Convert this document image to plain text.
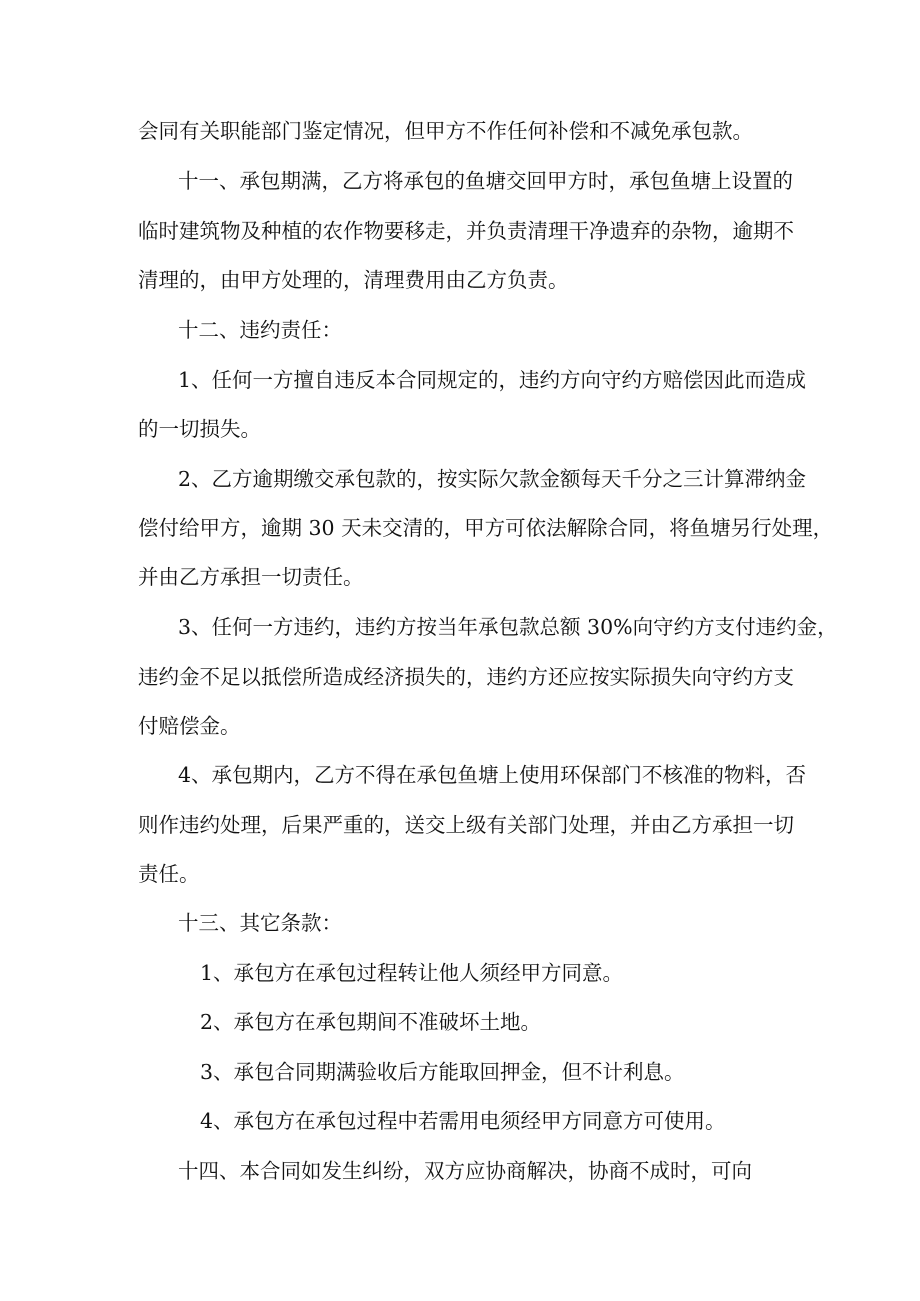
会同有关职能部门鉴定情况，但甲方不作任何补偿和不减免承包款。
十一、承包期满，乙方将承包的鱼塘交回甲方时，承包鱼塘上设置的
临时建筑物及种植的农作物要移走，并负责清理干净遗弃的杂物，逾期不
清理的，由甲方处理的，清理费用由乙方负责。
十二、违约责任：
1、任何一方擅自违反本合同规定的，违约方向守约方赔偿因此而造成
的一切损失。
2、乙方逾期缴交承包款的，按实际欠款金额每天千分之三计算滞纳金
偿付给甲方，逾期 30 天未交清的，甲方可依法解除合同，将鱼塘另行处理，
并由乙方承担一切责任。
3、任何一方违约，违约方按当年承包款总额 30%向守约方支付违约金，
违约金不足以抵偿所造成经济损失的，违约方还应按实际损失向守约方支
付赔偿金。
4、承包期内，乙方不得在承包鱼塘上使用环保部门不核准的物料，否
则作违约处理，后果严重的，送交上级有关部门处理，并由乙方承担一切
责任。
十三、其它条款：
1、承包方在承包过程转让他人须经甲方同意。
2、承包方在承包期间不准破坏土地。
3、承包合同期满验收后方能取回押金，但不计利息。
4、承包方在承包过程中若需用电须经甲方同意方可使用。
十四、本合同如发生纠纷，双方应协商解决，协商不成时，可向
